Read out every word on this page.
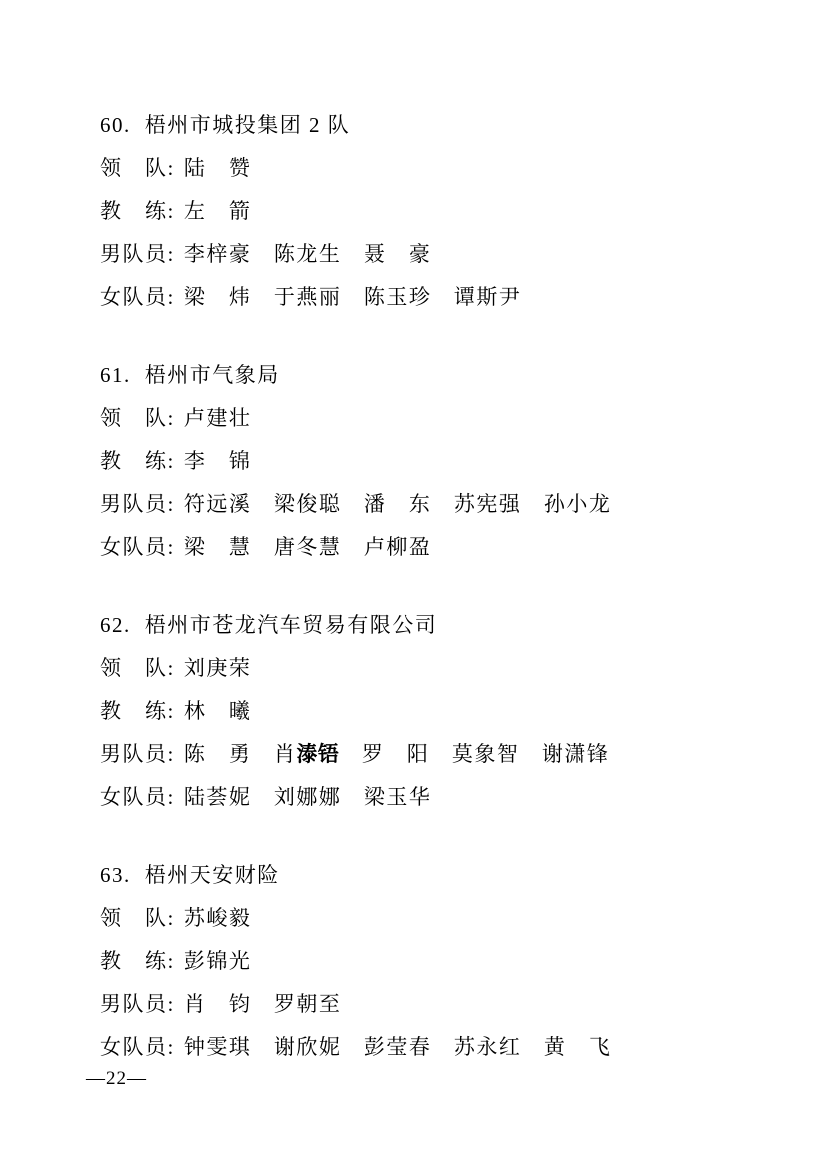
60. 梧州市城投集团 2 队
领　队: 陆　赞
教　练: 左　箭
男队员: 李梓豪　陈龙生　聂　豪
女队员: 梁　炜　于燕丽　陈玉珍　谭斯尹
61. 梧州市气象局
领　队: 卢建壮
教　练: 李　锦
男队员: 符远溪　梁俊聪　潘　东　苏宪强　孙小龙
女队员: 梁　慧　唐冬慧　卢柳盈
62. 梧州市苍龙汽车贸易有限公司
领　队: 刘庚荣
教　练: 林　曦
男队员: 陈　勇　肖溙铻　罗　阳　莫象智　谢潇锋
女队员: 陆荟妮　刘娜娜　梁玉华
63. 梧州天安财险
领　队: 苏峻毅
教　练: 彭锦光
男队员: 肖　钧　罗朝至
女队员: 钟雯琪　谢欣妮　彭莹春　苏永红　黄　飞
—22—
